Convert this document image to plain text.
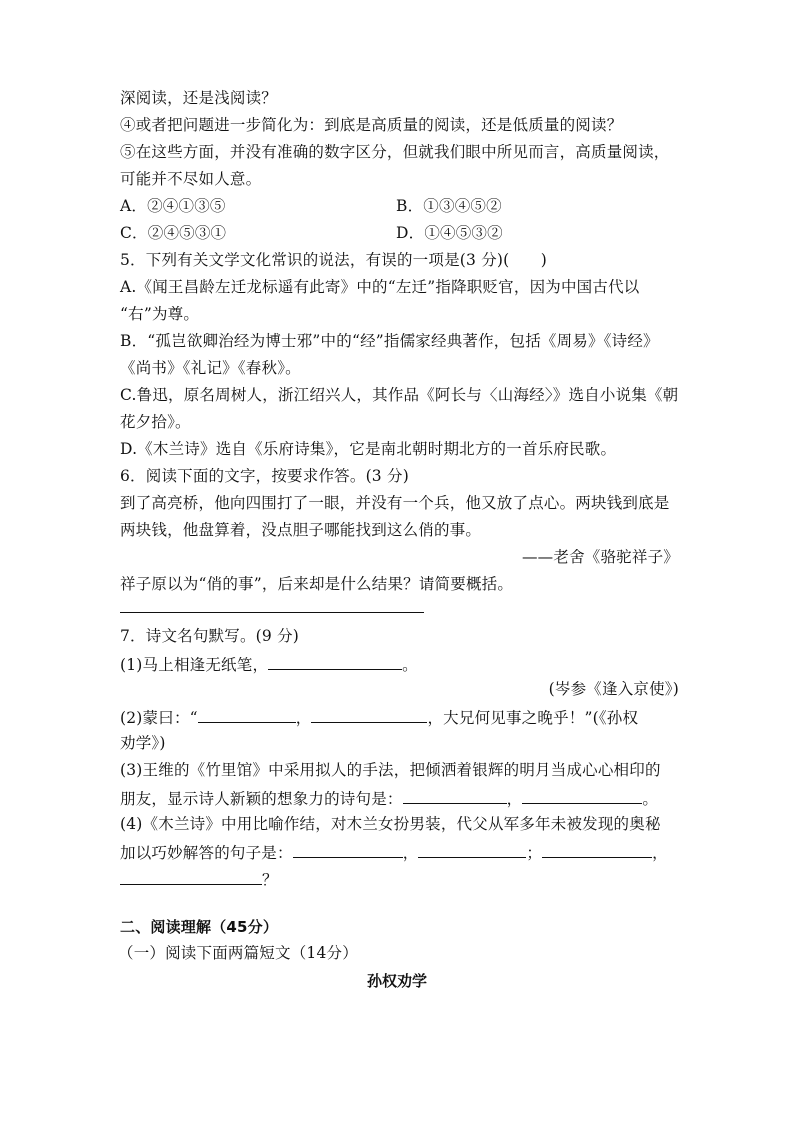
深阅读，还是浅阅读？
④或者把问题进一步简化为：到底是高质量的阅读，还是低质量的阅读？
⑤在这些方面，并没有准确的数字区分，但就我们眼中所见而言，高质量阅读，
可能并不尽如人意。
A．②④①③⑤	B．①③④⑤②
C．②④⑤③①	D．①④⑤③②
5．下列有关文学文化常识的说法，有误的一项是(3 分)(　　)
A.《闻王昌龄左迁龙标遥有此寄》中的“左迁”指降职贬官，因为中国古代以
“右”为尊。
B．“孤岂欲卿治经为博士邪”中的“经”指儒家经典著作，包括《周易》《诗经》
《尚书》《礼记》《春秋》。
C.鲁迅，原名周树人，浙江绍兴人，其作品《阿长与〈山海经〉》选自小说集《朝
花夕拾》。
D.《木兰诗》选自《乐府诗集》，它是南北朝时期北方的一首乐府民歌。
6．阅读下面的文字，按要求作答。(3 分)
到了高亮桥，他向四围打了一眼，并没有一个兵，他又放了点心。两块钱到底是
两块钱，他盘算着，没点胆子哪能找到这么俏的事。
——老舍《骆驼祥子》
祥子原以为“俏的事”，后来却是什么结果？请简要概括。
7．诗文名句默写。(9 分)
(1)马上相逢无纸笔，	。
(岑参《逢入京使》)
(2)蒙曰：“	，	，大兄何见事之晚乎！”(《孙权
劝学》)
(3)王维的《竹里馆》中采用拟人的手法，把倾洒着银辉的明月当成心心相印的
朋友，显示诗人新颖的想象力的诗句是：	，	。
(4)《木兰诗》中用比喻作结，对木兰女扮男装，代父从军多年未被发现的奥秘
加以巧妙解答的句子是：	，	；	，
？
二、阅读理解（45分）
（一）阅读下面两篇短文（14分）
孙权劝学
